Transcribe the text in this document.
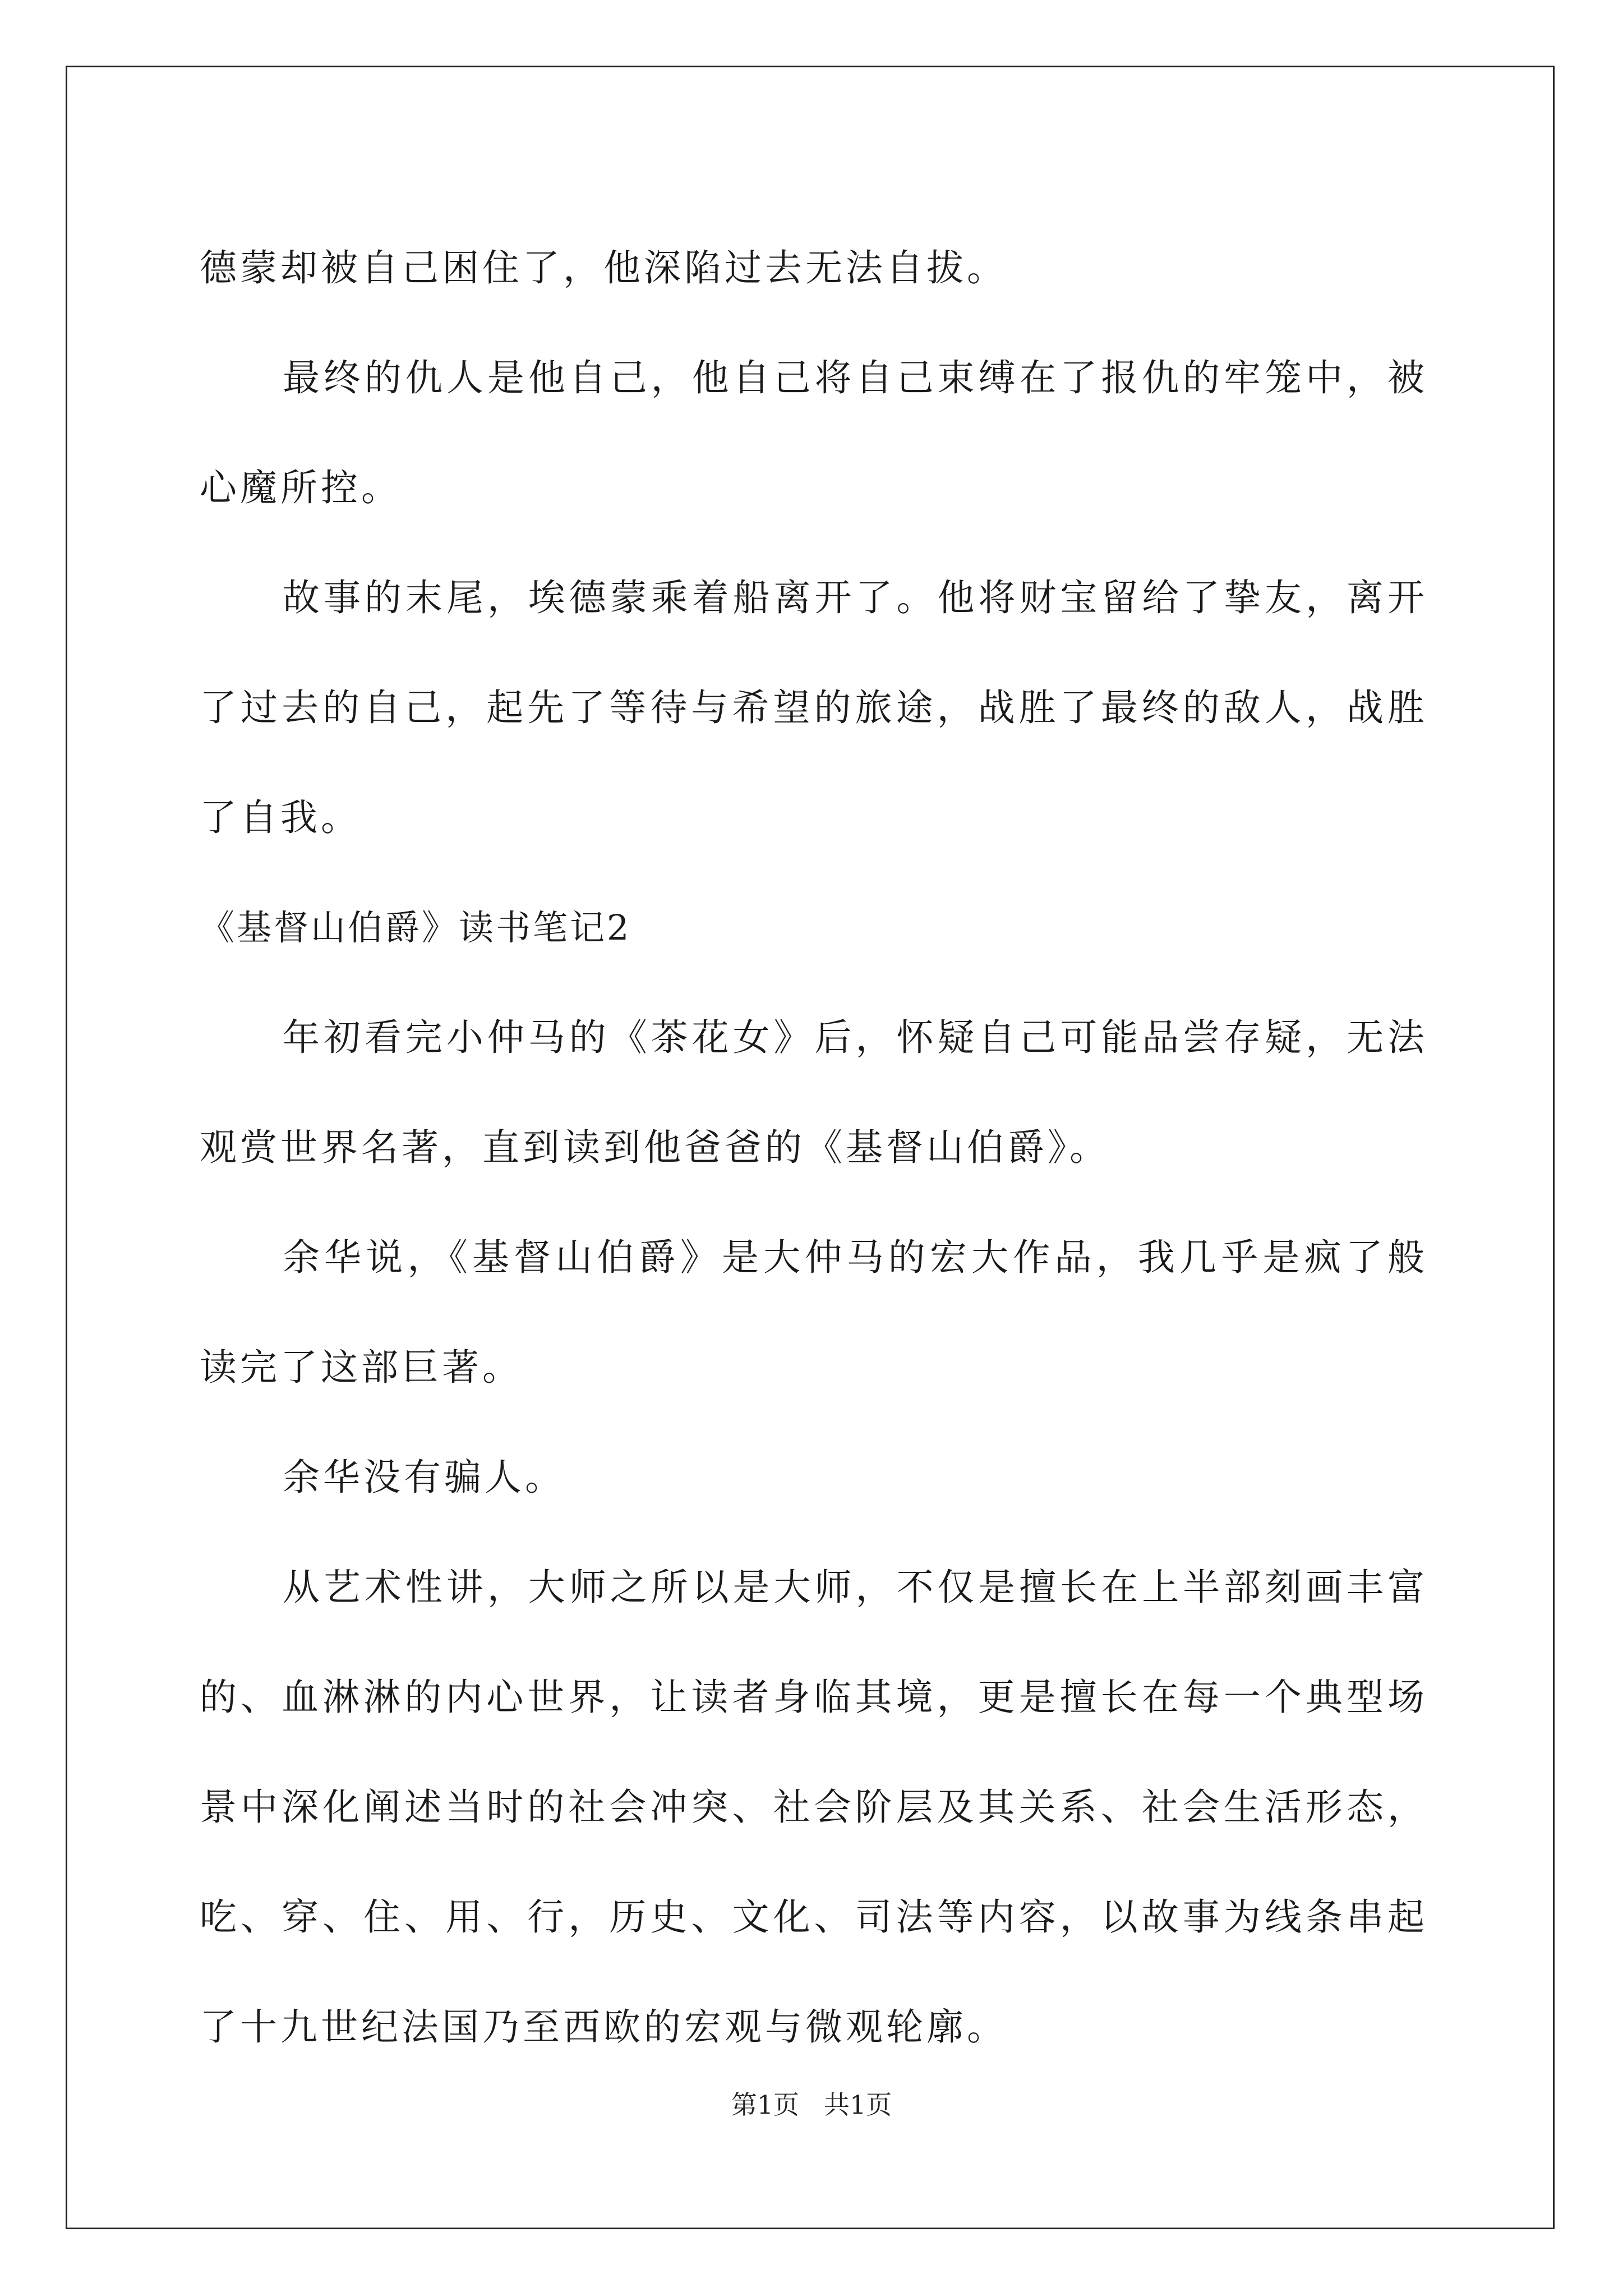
德蒙却被自己困住了，他深陷过去无法自拔。

最终的仇人是他自己，他自己将自己束缚在了报仇的牢笼中，被心魔所控。

故事的末尾，埃德蒙乘着船离开了。他将财宝留给了挚友，离开了过去的自己，起先了等待与希望的旅途，战胜了最终的敌人，战胜了自我。

《基督山伯爵》读书笔记2

年初看完小仲马的《茶花女》后，怀疑自己可能品尝存疑，无法观赏世界名著，直到读到他爸爸的《基督山伯爵》。

余华说，《基督山伯爵》是大仲马的宏大作品，我几乎是疯了般读完了这部巨著。

余华没有骗人。

从艺术性讲，大师之所以是大师，不仅是擅长在上半部刻画丰富的、血淋淋的内心世界，让读者身临其境，更是擅长在每一个典型场景中深化阐述当时的社会冲突、社会阶层及其关系、社会生活形态，吃、穿、住、用、行，历史、文化、司法等内容，以故事为线条串起了十九世纪法国乃至西欧的宏观与微观轮廓。

第1页 共1页
